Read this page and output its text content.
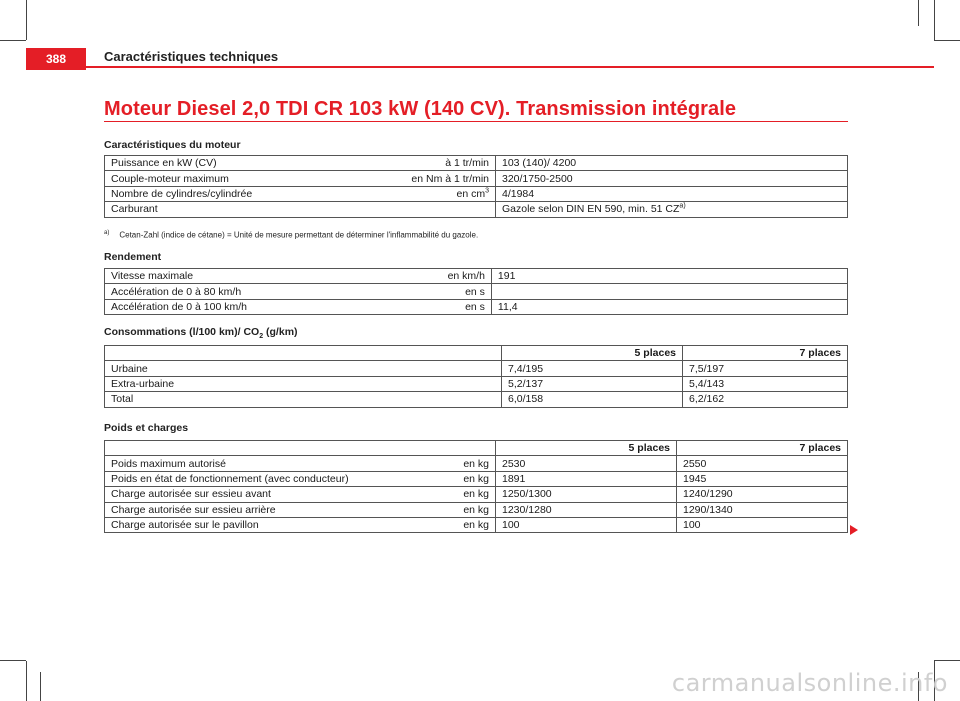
388	Caractéristiques techniques
Moteur Diesel 2,0 TDI CR 103 kW (140 CV). Transmission intégrale
Caractéristiques du moteur
Puissance en kW (CV)	à 1 tr/min	103 (140)/ 4200
Couple-moteur maximum	en Nm à 1 tr/min	320/1750-2500
Nombre de cylindres/cylindrée	en $cm^3$	4/1984
Carburant		Gazole selon DIN EN 590, min. 51 CZ$^{a)}$
$^{a)}$ Cetan-Zahl (indice de cétane) = Unité de mesure permettant de déterminer l'inflammabilité du gazole.
Rendement
Vitesse maximale	en km/h	191
Accélération de 0 à 80 km/h	en s	
Accélération de 0 à 100 km/h	en s	11,4
Consommations (l/100 km)/ $CO_2$ (g/km)
	5 places	7 places
Urbaine	7,4/195	7,5/197
Extra-urbaine	5,2/137	5,4/143
Total	6,0/158	6,2/162
Poids et charges
		5 places	7 places
Poids maximum autorisé	en kg	2530	2550
Poids en état de fonctionnement (avec conducteur)	en kg	1891	1945
Charge autorisée sur essieu avant	en kg	1250/1300	1240/1290
Charge autorisée sur essieu arrière	en kg	1230/1280	1290/1340
Charge autorisée sur le pavillon	en kg	100	100
carmanualsonline.info
